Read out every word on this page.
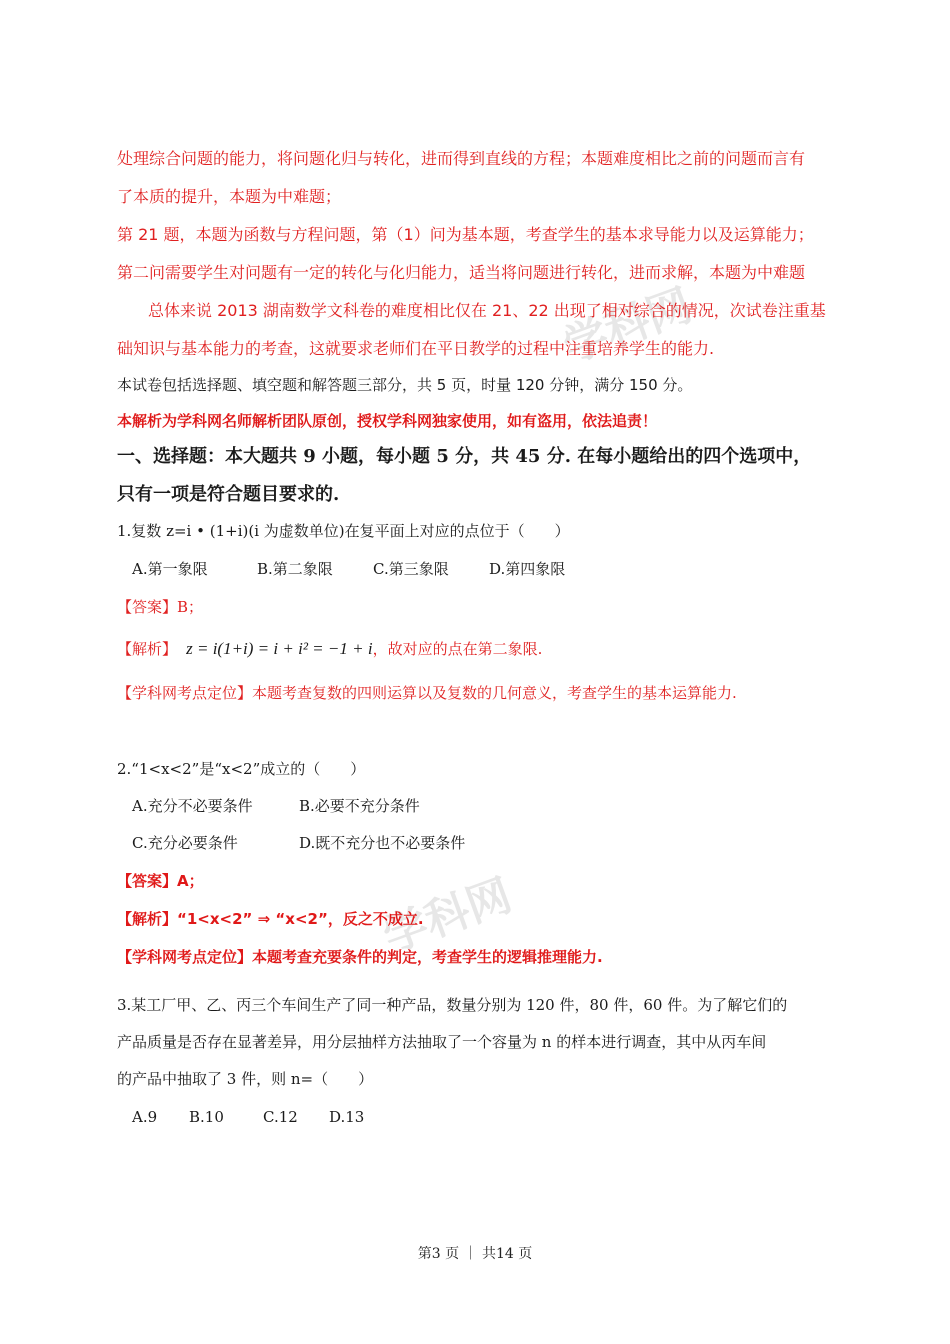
学科网
学科网
处理综合问题的能力，将问题化归与转化，进而得到直线的方程；本题难度相比之前的问题而言有
了本质的提升，本题为中难题；
第 21 题，本题为函数与方程问题，第（1）问为基本题，考查学生的基本求导能力以及运算能力；
第二问需要学生对问题有一定的转化与化归能力，适当将问题进行转化，进而求解，本题为中难题
总体来说 2013 湖南数学文科卷的难度相比仅在 21、22 出现了相对综合的情况，次试卷注重基
础知识与基本能力的考查，这就要求老师们在平日教学的过程中注重培养学生的能力.
本试卷包括选择题、填空题和解答题三部分，共 5 页，时量 120 分钟，满分 150 分。
本解析为学科网名师解析团队原创，授权学科网独家使用，如有盗用，依法追责！
一、选择题：本大题共 9 小题，每小题 5 分，共 45 分. 在每小题给出的四个选项中，
只有一项是符合题目要求的.
1.复数 z=i • (1+i)(i 为虚数单位)在复平面上对应的点位于（　　）
A.第一象限	B.第二象限	C.第三象限	D.第四象限
【答案】B；
【解析】 z = i(1+i) = i + i² = −1 + i，故对应的点在第二象限.
【学科网考点定位】本题考查复数的四则运算以及复数的几何意义，考查学生的基本运算能力.
2.“1<x<2”是“x<2”成立的（　　）
A.充分不必要条件	B.必要不充分条件
C.充分必要条件	D.既不充分也不必要条件
【答案】A；
【解析】“1<x<2” ⇒ “x<2”，反之不成立.
【学科网考点定位】本题考查充要条件的判定，考查学生的逻辑推理能力.
3.某工厂甲、乙、丙三个车间生产了同一种产品，数量分别为 120 件，80 件，60 件。为了解它们的
产品质量是否存在显著差异，用分层抽样方法抽取了一个容量为 n 的样本进行调查，其中从丙车间
的产品中抽取了 3 件，则 n=（　　）
A.9 B.10	C.12 D.13
第3 页 ｜ 共14 页
